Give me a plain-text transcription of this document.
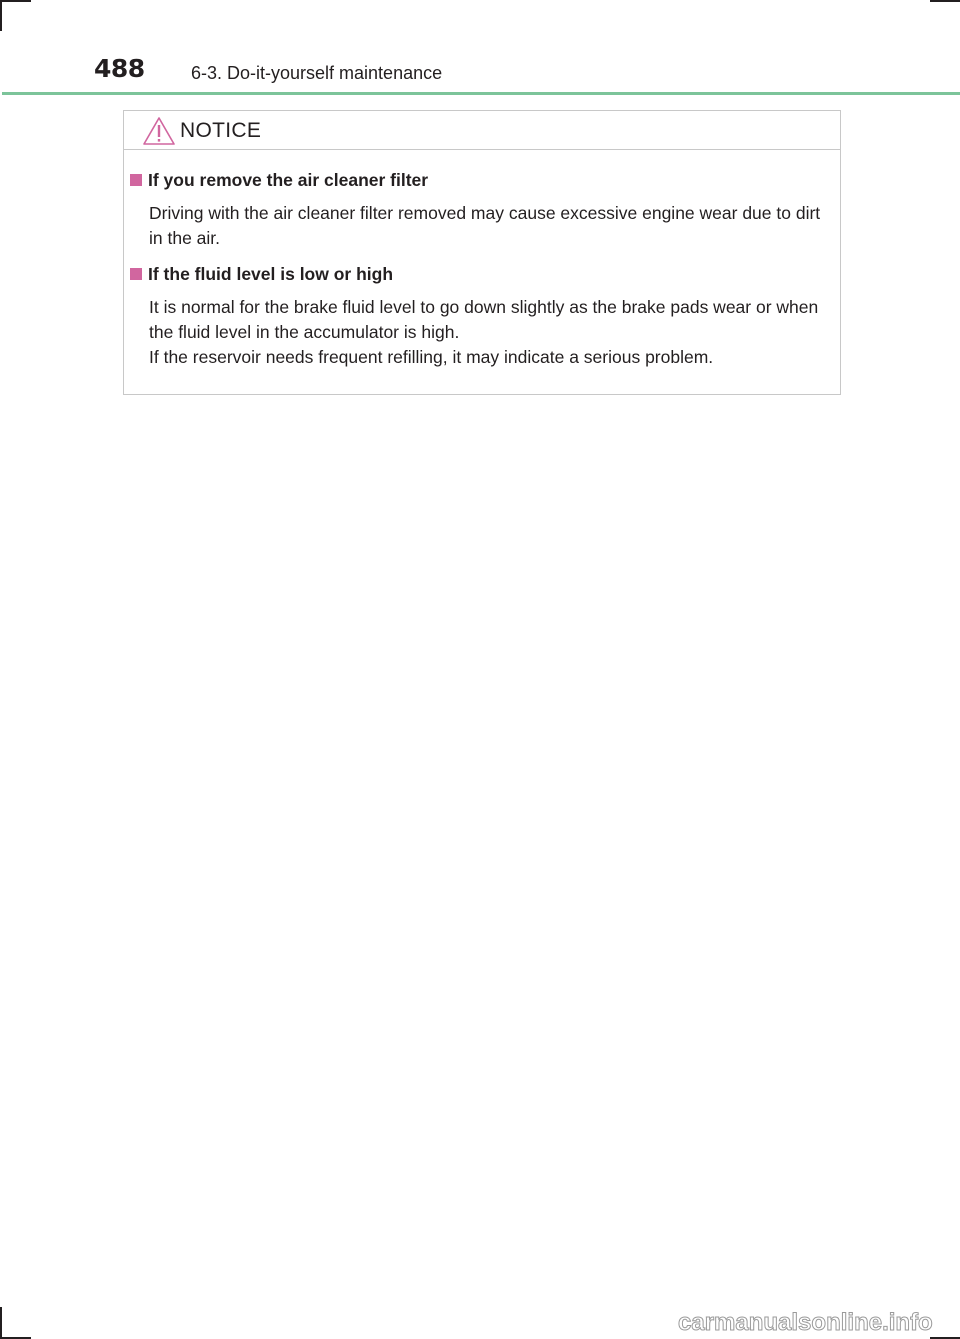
488	6-3. Do-it-yourself maintenance
NOTICE
If you remove the air cleaner filter

Driving with the air cleaner filter removed may cause excessive engine wear due to dirt in the air.

If the fluid level is low or high

It is normal for the brake fluid level to go down slightly as the brake pads wear or when the fluid level in the accumulator is high.

If the reservoir needs frequent refilling, it may indicate a serious problem.

carmanualsonline.info
